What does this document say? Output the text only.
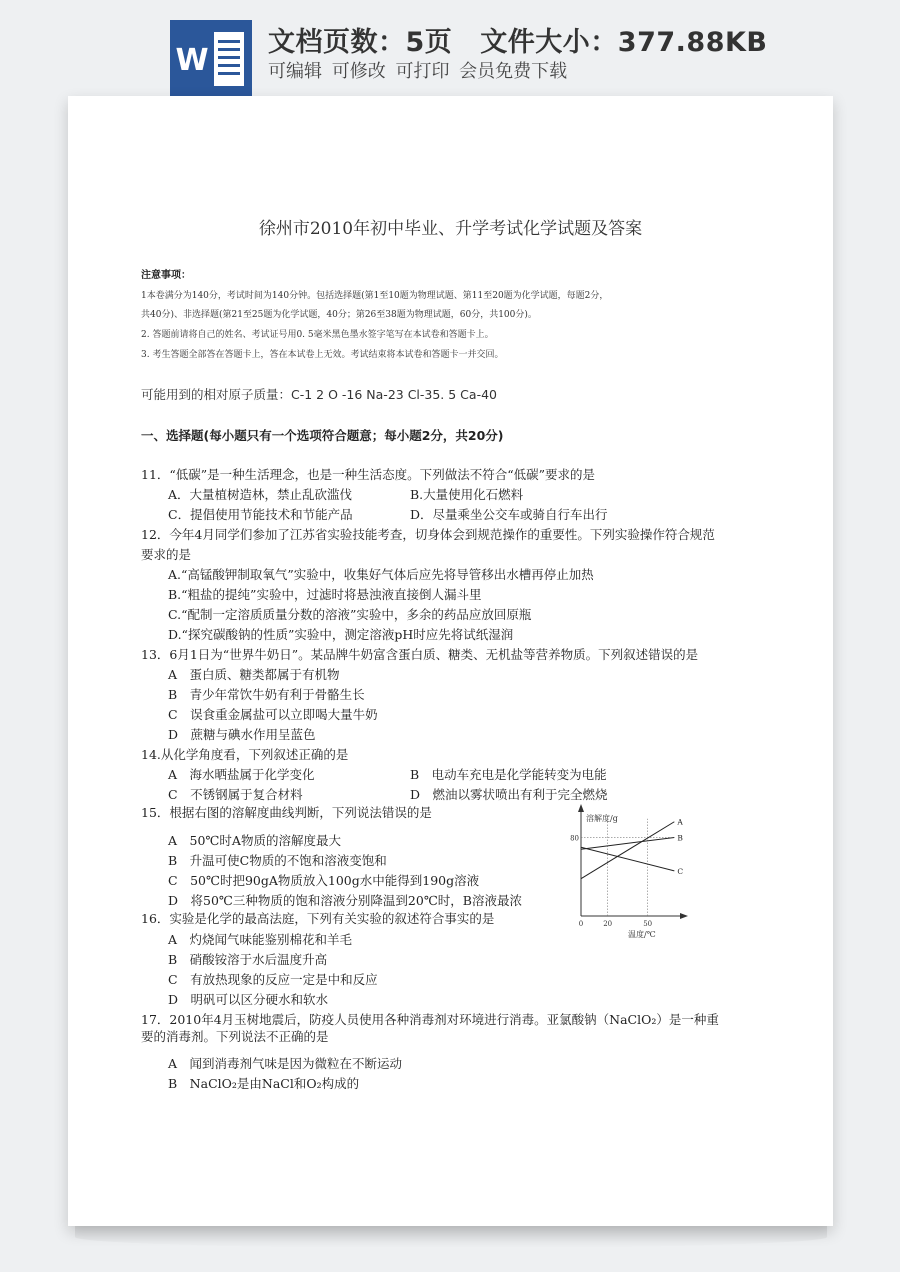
W
文档页数：5页 文件大小：377.88KB
可编辑 可修改 可打印 会员免费下载
徐州市2010年初中毕业、升学考试化学试题及答案
注意事项：
1本卷满分为140分，考试时间为140分钟。包括选择题(第1至10题为物理试题、第11至20题为化学试题，每题2分，
共40分)、非选择题(第21至25题为化学试题，40分；第26至38题为物理试题，60分，共100分)。
2. 答题前请将自己的姓名、考试证号用0. 5毫米黑色墨水签字笔写在本试卷和答题卡上。
3. 考生答题全部答在答题卡上，答在本试卷上无效。考试结束将本试卷和答题卡一并交回。
可能用到的相对原子质量：C-1 2 O -16 Na-23 Cl-35. 5 Ca-40
一、选择题(每小题只有一个选项符合题意；每小题2分，共20分)
11．“低碳”是一种生活理念，也是一种生活态度。下列做法不符合“低碳”要求的是
A．大量植树造林，禁止乱砍滥伐	B.大量使用化石燃料
C．提倡使用节能技术和节能产品	D．尽量乘坐公交车或骑自行车出行
12．今年4月同学们参加了江苏省实验技能考查，切身体会到规范操作的重要性。下列实验操作符合规范
要求的是
A.“高锰酸钾制取氧气”实验中，收集好气体后应先将导管移出水槽再停止加热
B.“粗盐的提纯”实验中，过滤时将悬浊液直接倒人漏斗里
C.“配制一定溶质质量分数的溶液”实验中，多余的药品应放回原瓶
D.“探究碳酸钠的性质”实验中，测定溶液pH时应先将试纸湿润
13．6月1日为“世界牛奶日”。某品牌牛奶富含蛋白质、糖类、无机盐等营养物质。下列叙述错误的是
A　蛋白质、糖类都属于有机物
B　青少年常饮牛奶有利于骨骼生长
C　误食重金属盐可以立即喝大量牛奶
D　蔗糖与碘水作用呈蓝色
14.从化学角度看，下列叙述正确的是
A　海水晒盐属于化学变化	B　电动车充电是化学能转变为电能
C　不锈钢属于复合材料	D　燃油以雾状喷出有利于完全燃烧
15．根据右图的溶解度曲线判断，下列说法错误的是
A　50℃时A物质的溶解度最大
B　升温可使C物质的不饱和溶液变饱和
C　50℃时把90gA物质放入100g水中能得到190g溶液
D　将50℃三种物质的饱和溶液分别降温到20℃时，B溶液最浓
溶解度/g
温度/℃
80
0	20	50
A
B
C
16．实验是化学的最高法庭，下列有关实验的叙述符合事实的是
A　灼烧闻气味能鉴别棉花和羊毛
B　硝酸铵溶于水后温度升高
C　有放热现象的反应一定是中和反应
D　明矾可以区分硬水和软水
17．2010年4月玉树地震后，防疫人员使用各种消毒剂对环境进行消毒。亚氯酸钠（NaClO₂）是一种重
要的消毒剂。下列说法不正确的是
A　闻到消毒剂气味是因为微粒在不断运动
B　NaClO₂是由NaCl和O₂构成的
